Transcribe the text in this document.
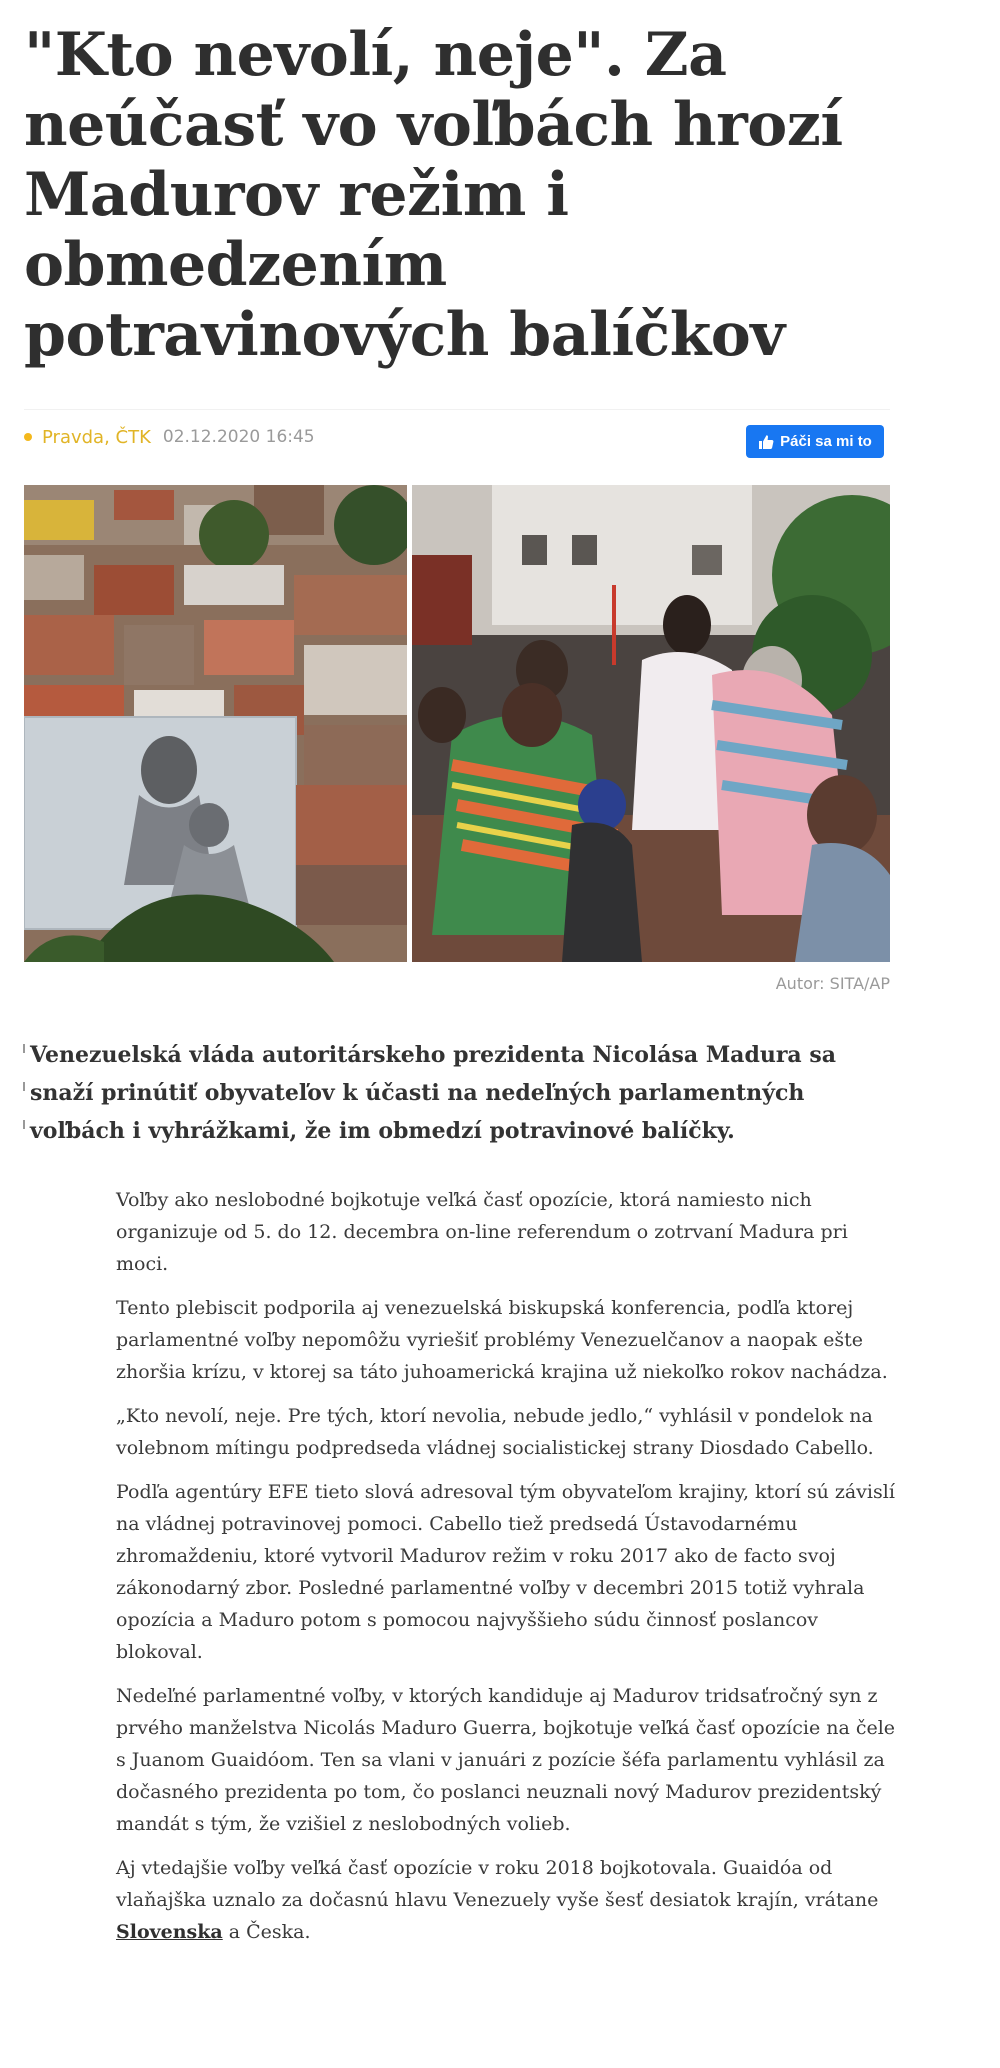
"Kto nevolí, neje". Za neúčasť vo voľbách hrozí Madurov režim i obmedzením potravinových balíčkov
Pravda, ČTK 02.12.2020 16:45	Páči sa mi to
Autor: SITA/AP

Venezuelská vláda autoritárskeho prezidenta Nicolása Madura sa snaží prinútiť obyvateľov k účasti na nedeľných parlamentných voľbách i vyhrážkami, že im obmedzí potravinové balíčky.

Voľby ako neslobodné bojkotuje veľká časť opozície, ktorá namiesto nich organizuje od 5. do 12. decembra on-line referendum o zotrvaní Madura pri moci.

Tento plebiscit podporila aj venezuelská biskupská konferencia, podľa ktorej parlamentné voľby nepomôžu vyriešiť problémy Venezuelčanov a naopak ešte zhoršia krízu, v ktorej sa táto juhoamerická krajina už niekoľko rokov nachádza.

„Kto nevolí, neje. Pre tých, ktorí nevolia, nebude jedlo,“ vyhlásil v pondelok na volebnom mítingu podpredseda vládnej socialistickej strany Diosdado Cabello.

Podľa agentúry EFE tieto slová adresoval tým obyvateľom krajiny, ktorí sú závislí na vládnej potravinovej pomoci. Cabello tiež predsedá Ústavodarnému zhromaždeniu, ktoré vytvoril Madurov režim v roku 2017 ako de facto svoj zákonodarný zbor. Posledné parlamentné voľby v decembri 2015 totiž vyhrala opozícia a Maduro potom s pomocou najvyššieho súdu činnosť poslancov blokoval.

Nedeľné parlamentné voľby, v ktorých kandiduje aj Madurov tridsaťročný syn z prvého manželstva Nicolás Maduro Guerra, bojkotuje veľká časť opozície na čele s Juanom Guaidóom. Ten sa vlani v januári z pozície šéfa parlamentu vyhlásil za dočasného prezidenta po tom, čo poslanci neuznali nový Madurov prezidentský mandát s tým, že vzišiel z neslobodných volieb.

Aj vtedajšie voľby veľká časť opozície v roku 2018 bojkotovala. Guaidóa od vlaňajška uznalo za dočasnú hlavu Venezuely vyše šesť desiatok krajín, vrátane Slovenska a Česka.
